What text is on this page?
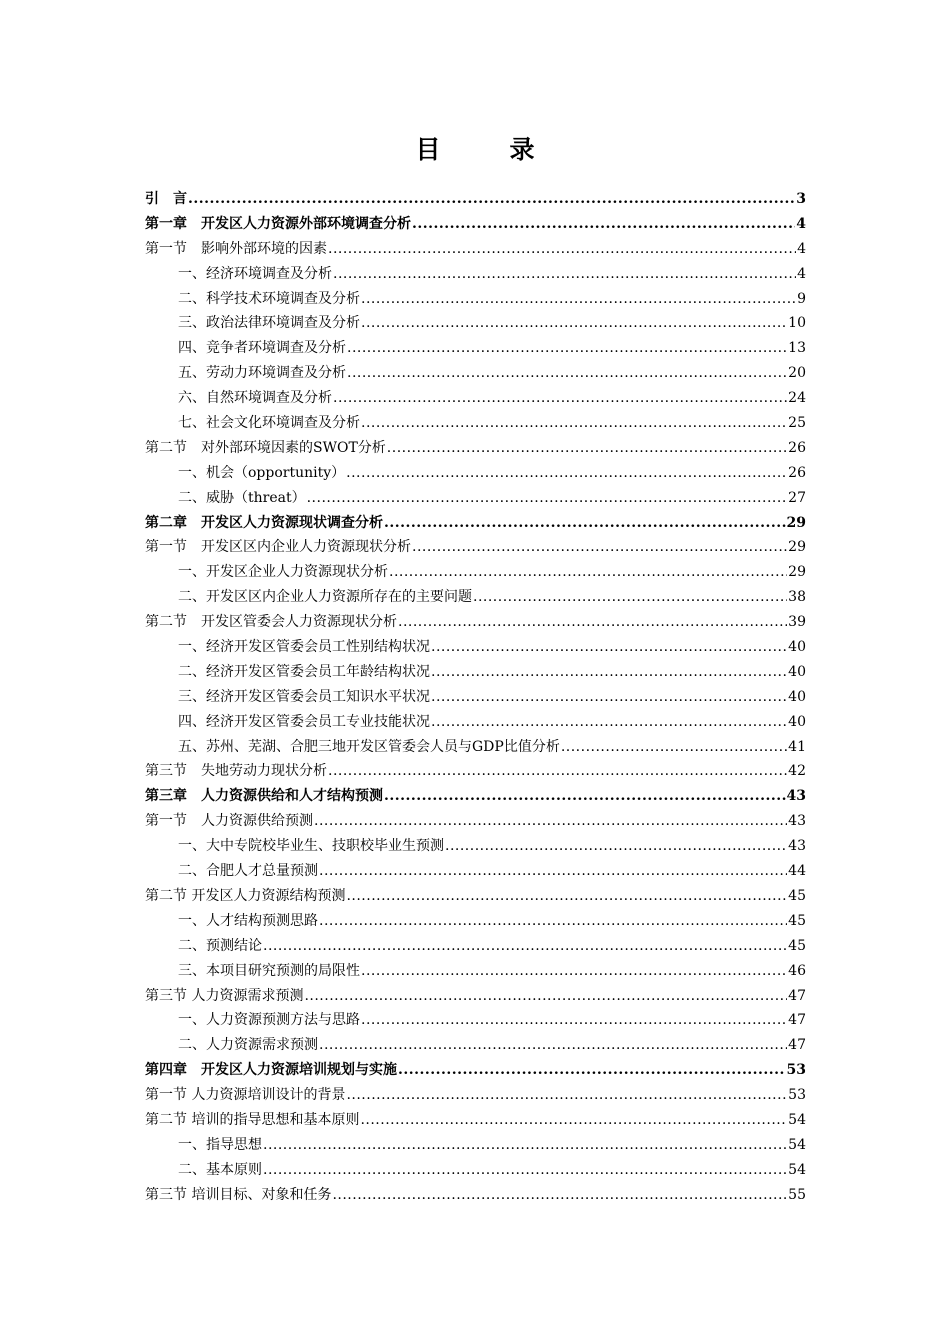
目　录
引　言 .....	3
第一章　开发区人力资源外部环境调查分析 .....	4
第一节　影响外部环境的因素 .....	4
一、经济环境调查及分析 .....	4
二、科学技术环境调查及分析 .....	9
三、政治法律环境调查及分析 .....	10
四、竞争者环境调查及分析 .....	13
五、劳动力环境调查及分析 .....	20
六、自然环境调查及分析 .....	24
七、社会文化环境调查及分析 .....	25
第二节　对外部环境因素的SWOT分析 .....	26
一、机会（opportunity） .....	26
二、威胁（threat） .....	27
第二章　开发区人力资源现状调查分析 .....	29
第一节　开发区区内企业人力资源现状分析 .....	29
一、开发区企业人力资源现状分析 .....	29
二、开发区区内企业人力资源所存在的主要问题 .....	38
第二节　开发区管委会人力资源现状分析 .....	39
一、经济开发区管委会员工性别结构状况 .....	40
二、经济开发区管委会员工年龄结构状况 .....	40
三、经济开发区管委会员工知识水平状况 .....	40
四、经济开发区管委会员工专业技能状况 .....	40
五、苏州、芜湖、合肥三地开发区管委会人员与GDP比值分析 .....	41
第三节　失地劳动力现状分析 .....	42
第三章　人力资源供给和人才结构预测 .....	43
第一节　人力资源供给预测 .....	43
一、大中专院校毕业生、技职校毕业生预测 .....	43
二、合肥人才总量预测 .....	44
第二节 开发区人力资源结构预测 .....	45
一、人才结构预测思路 .....	45
二、预测结论 .....	45
三、本项目研究预测的局限性 .....	46
第三节 人力资源需求预测 .....	47
一、人力资源预测方法与思路 .....	47
二、人力资源需求预测 .....	47
第四章　开发区人力资源培训规划与实施 .....	53
第一节 人力资源培训设计的背景 .....	53
第二节 培训的指导思想和基本原则 .....	54
一、指导思想 .....	54
二、基本原则 .....	54
第三节 培训目标、对象和任务 .....	55
